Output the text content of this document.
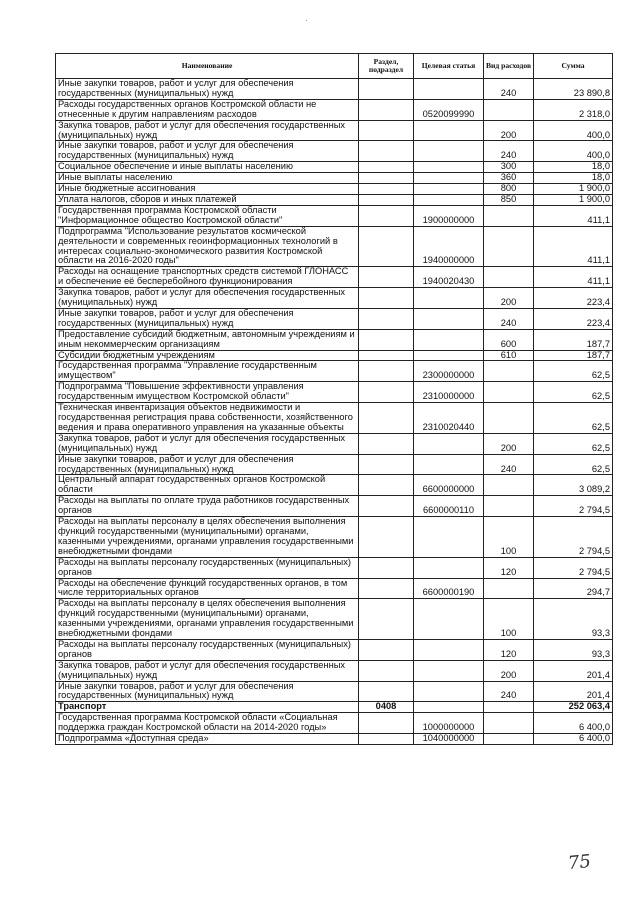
Наименование	Раздел, подраздел	Целевая статья	Вид расходов	Сумма
Иные закупки товаров, работ и услуг для обеспечения государственных (муниципальных) нужд			240	23 890,8
Расходы государственных органов Костромской области не отнесенные к другим направлениям расходов		0520099990		2 318,0
Закупка товаров, работ и услуг для обеспечения государственных (муниципальных) нужд			200	400,0
Иные закупки товаров, работ и услуг для обеспечения государственных (муниципальных) нужд			240	400,0
Социальное обеспечение и иные выплаты населению			300	18,0
Иные выплаты населению			360	18,0
Иные бюджетные ассигнования			800	1 900,0
Уплата налогов, сборов и иных платежей			850	1 900,0
Государственная программа Костромской области "Информационное общество Костромской области"		1900000000		411,1
Подпрограмма "Использование результатов космической деятельности и современных геоинформационных технологий в интересах социально-экономического развития Костромской области на 2016-2020 годы"		1940000000		411,1
Расходы на оснащение транспортных средств системой ГЛОНАСС и обеспечение её бесперебойного функционирования		1940020430		411,1
Закупка товаров, работ и услуг для обеспечения государственных (муниципальных) нужд			200	223,4
Иные закупки товаров, работ и услуг для обеспечения государственных (муниципальных) нужд			240	223,4
Предоставление субсидий бюджетным, автономным учреждениям и иным некоммерческим организациям			600	187,7
Субсидии бюджетным учреждениям			610	187,7
Государственная программа "Управление государственным имуществом"		2300000000		62,5
Подпрограмма "Повышение эффективности управления государственным имуществом Костромской области"		2310000000		62,5
Техническая инвентаризация объектов недвижимости и государственная регистрация права собственности, хозяйственного ведения и права оперативного управления на указанные объекты		2310020440		62,5
Закупка товаров, работ и услуг для обеспечения государственных (муниципальных) нужд			200	62,5
Иные закупки товаров, работ и услуг для обеспечения государственных (муниципальных) нужд			240	62,5
Центральный аппарат государственных органов Костромской области		6600000000		3 089,2
Расходы на выплаты по оплате труда работников государственных органов		6600000110		2 794,5
Расходы на выплаты персоналу в целях обеспечения выполнения функций государственными (муниципальными) органами, казенными учреждениями, органами управления государственными внебюджетными фондами			100	2 794,5
Расходы на выплаты персоналу государственных (муниципальных) органов			120	2 794,5
Расходы на обеспечение функций государственных органов, в том числе территориальных органов		6600000190		294,7
Расходы на выплаты персоналу в целях обеспечения выполнения функций государственными (муниципальными) органами, казенными учреждениями, органами управления государственными внебюджетными фондами			100	93,3
Расходы на выплаты персоналу государственных (муниципальных) органов			120	93,3
Закупка товаров, работ и услуг для обеспечения государственных (муниципальных) нужд			200	201,4
Иные закупки товаров, работ и услуг для обеспечения государственных (муниципальных) нужд			240	201,4
Транспорт	0408			252 063,4
Государственная программа Костромской области «Социальная поддержка граждан Костромской области на 2014-2020 годы»		1000000000		6 400,0
Подпрограмма «Доступная среда»		1040000000		6 400,0
75
